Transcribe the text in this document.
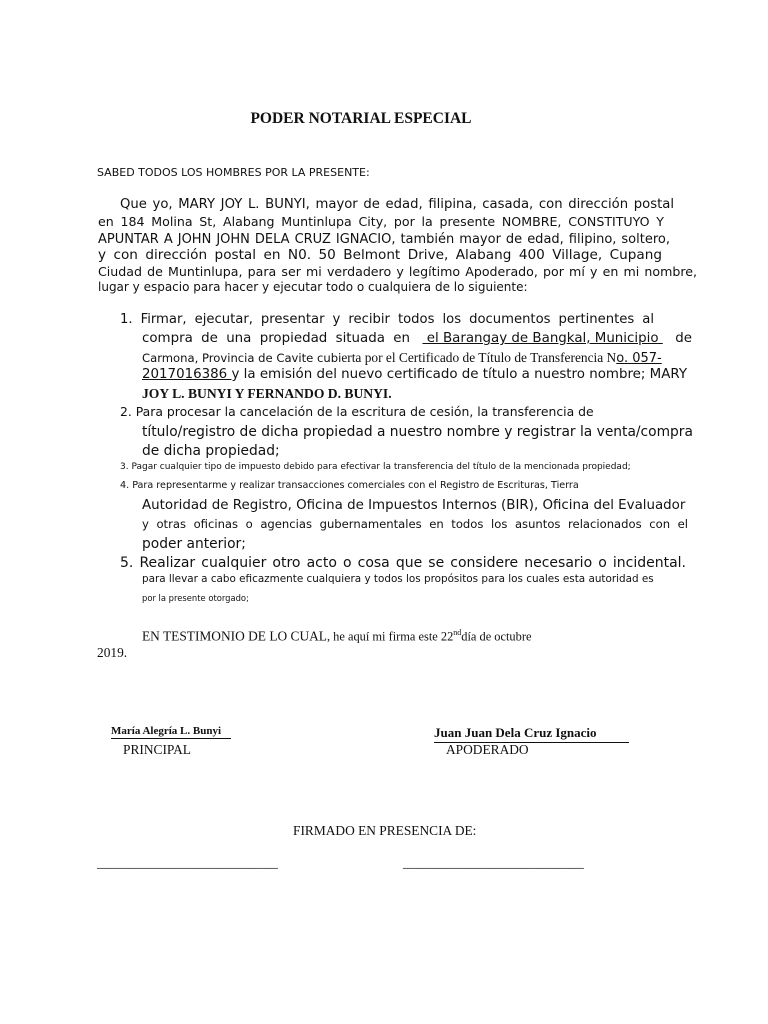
PODER NOTARIAL ESPECIAL
SABED TODOS LOS HOMBRES POR LA PRESENTE:
Que yo, MARY JOY L. BUNYI, mayor de edad, filipina, casada, con dirección postal
en 184 Molina St, Alabang Muntinlupa City, por la presente NOMBRE, CONSTITUYO Y
APUNTAR A JOHN JOHN DELA CRUZ IGNACIO, también mayor de edad, filipino, soltero,
y con dirección postal en N0. 50 Belmont Drive, Alabang 400 Village, Cupang
Ciudad de Muntinlupa, para ser mi verdadero y legítimo Apoderado, por mí y en mi nombre,
lugar y espacio para hacer y ejecutar todo o cualquiera de lo siguiente:
1. Firmar, ejecutar, presentar y recibir todos los documentos pertinentes al
compra de una propiedad situada en el Barangay de Bangkal, Municipio de
Carmona, Provincia de Cavite cubierta por el Certificado de Título de Transferencia No. 057-
2017016386 y la emisión del nuevo certificado de título a nuestro nombre; MARY
JOY L. BUNYI Y FERNANDO D. BUNYI.
2. Para procesar la cancelación de la escritura de cesión, la transferencia de
título/registro de dicha propiedad a nuestro nombre y registrar la venta/compra
de dicha propiedad;
3. Pagar cualquier tipo de impuesto debido para efectivar la transferencia del título de la mencionada propiedad;
4. Para representarme y realizar transacciones comerciales con el Registro de Escrituras, Tierra
Autoridad de Registro, Oficina de Impuestos Internos (BIR), Oficina del Evaluador
y otras oficinas o agencias gubernamentales en todos los asuntos relacionados con el
poder anterior;
5. Realizar cualquier otro acto o cosa que se considere necesario o incidental.
para llevar a cabo eficazmente cualquiera y todos los propósitos para los cuales esta autoridad es
por la presente otorgado;
EN TESTIMONIO DE LO CUAL, he aquí mi firma este 22nddía de octubre
2019.
María Alegría L. Bunyi
PRINCIPAL
Juan Juan Dela Cruz Ignacio
APODERADO
FIRMADO EN PRESENCIA DE:
___________________________	___________________________
